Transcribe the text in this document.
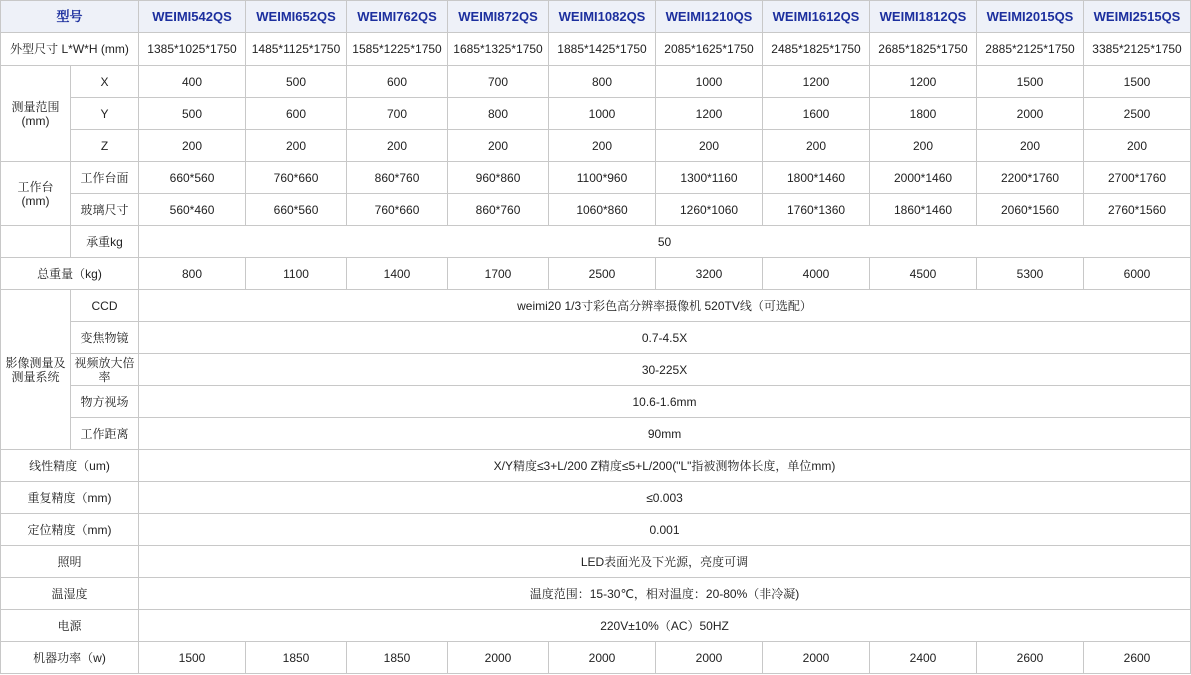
型号		WEIMI542QS	WEIMI652QS	WEIMI762QS	WEIMI872QS	WEIMI1082QS	WEIMI1210QS	WEIMI1612QS	WEIMI1812QS	WEIMI2015QS	WEIMI2515QS
外型尺寸 L*W*H (mm)		1385*1025*1750	1485*1125*1750	1585*1225*1750	1685*1325*1750	1885*1425*1750	2085*1625*1750	2485*1825*1750	2685*1825*1750	2885*2125*1750	3385*2125*1750
测量范围 (mm)	X	400	500	600	700	800	1000	1200	1200	1500	1500
	Y	500	600	700	800	1000	1200	1600	1800	2000	2500
	Z	200	200	200	200	200	200	200	200	200	200
工作台 (mm)	工作台面	660*560	760*660	860*760	960*860	1100*960	1300*1160	1800*1460	2000*1460	2200*1760	2700*1760
	玻璃尺寸	560*460	660*560	760*660	860*760	1060*860	1260*1060	1760*1360	1860*1460	2060*1560	2760*1560
	承重kg	50									
总重量（kg)		800	1100	1400	1700	2500	3200	4000	4500	5300	6000
影像测量及测量系统	CCD	weimi20 1/3寸彩色高分辨率摄像机 520TV线（可选配）									
	变焦物镜	0.7-4.5X									
	视频放大倍率	30-225X									
	物方视场	10.6-1.6mm									
	工作距离	90mm									
线性精度（um)		X/Y精度≤3+L/200 Z精度≤5+L/200("L"指被测物体长度，单位mm)									
重复精度（mm)		≤0.003									
定位精度（mm)		0.001									
照明		LED表面光及下光源，亮度可调									
温湿度		温度范围：15-30℃，相对温度：20-80%（非冷凝)									
电源		220V±10%（AC）50HZ									
机器功率（w)		1500	1850	1850	2000	2000	2000	2000	2400	2600	2600
